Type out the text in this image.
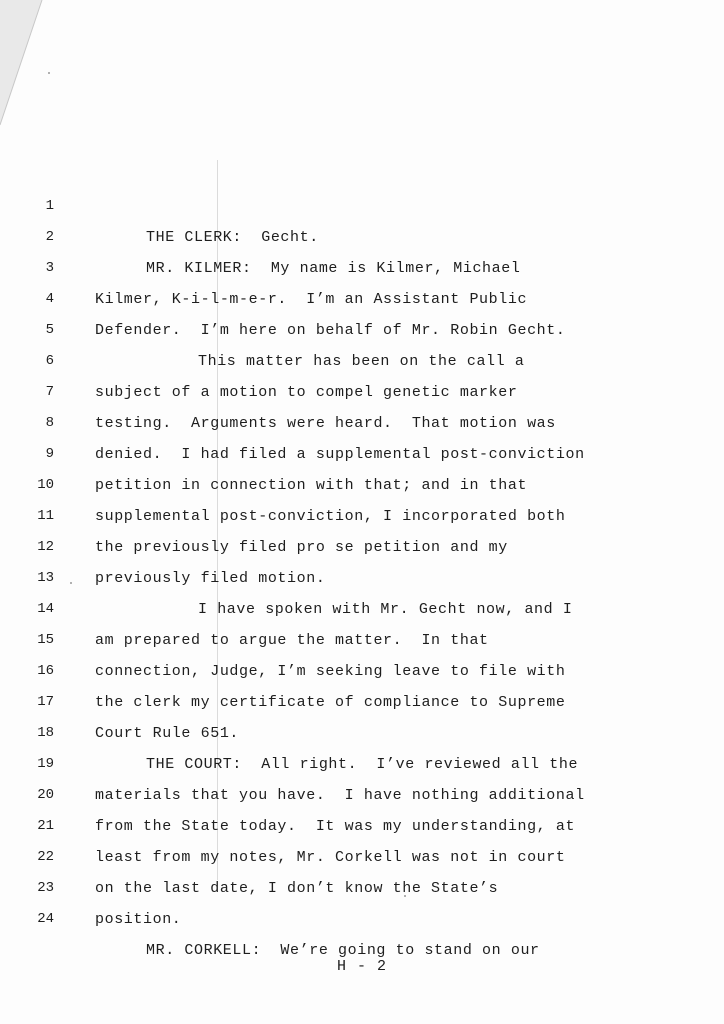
1

THE CLERK:  Gecht.

2

MR. KILMER:  My name is Kilmer, Michael

3

Kilmer, K-i-l-m-e-r.  I’m an Assistant Public

4

Defender.  I’m here on behalf of Mr. Robin Gecht.

5

This matter has been on the call a

6

subject of a motion to compel genetic marker

7

testing.  Arguments were heard.  That motion was

8

denied.  I had filed a supplemental post-conviction

9

petition in connection with that; and in that

10

supplemental post-conviction, I incorporated both

11

the previously filed pro se petition and my

12

previously filed motion.

13

I have spoken with Mr. Gecht now, and I

14

am prepared to argue the matter.  In that

15

connection, Judge, I’m seeking leave to file with

16

the clerk my certificate of compliance to Supreme

17

Court Rule 651.

18

THE COURT:  All right.  I’ve reviewed all the

19

materials that you have.  I have nothing additional

20

from the State today.  It was my understanding, at

21

least from my notes, Mr. Corkell was not in court

22

on the last date, I don’t know the State’s

23

position.

24

MR. CORKELL:  We’re going to stand on our

H - 2
